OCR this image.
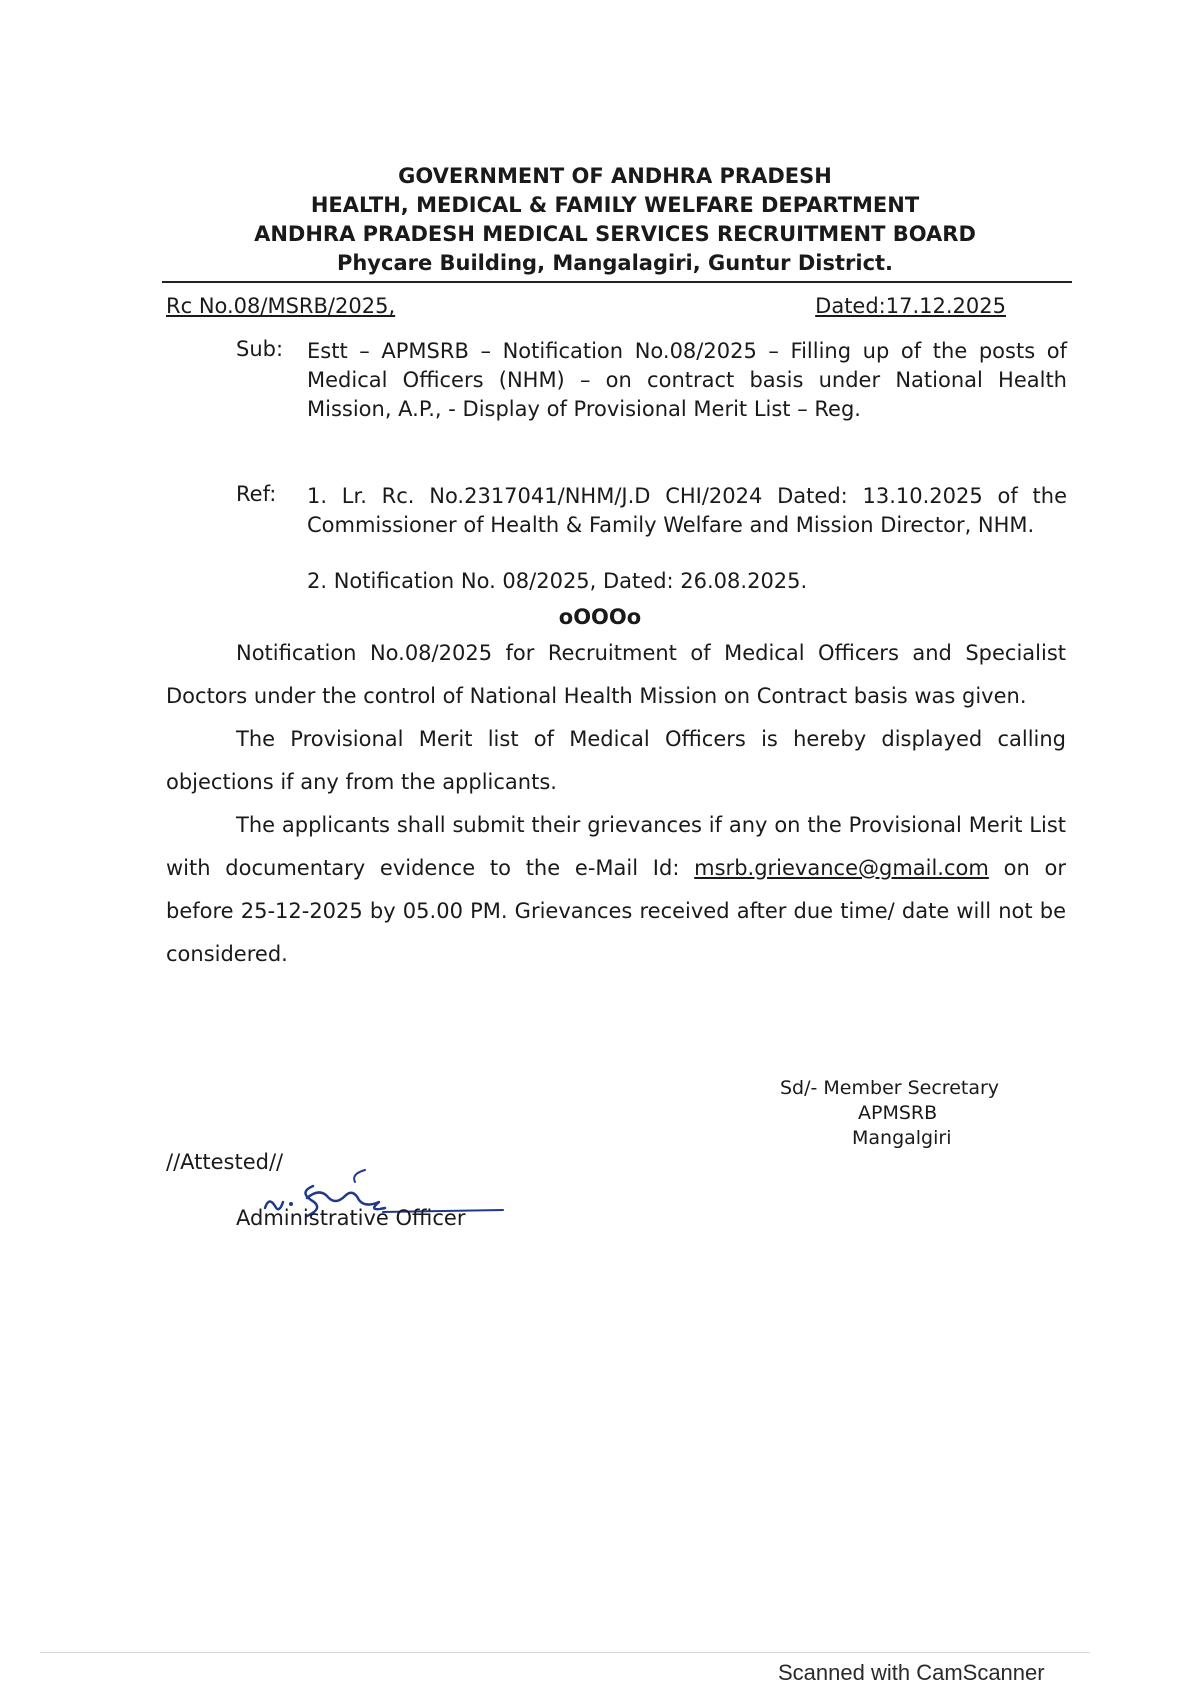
GOVERNMENT OF ANDHRA PRADESH
HEALTH, MEDICAL & FAMILY WELFARE DEPARTMENT
ANDHRA PRADESH MEDICAL SERVICES RECRUITMENT BOARD
Phycare Building, Mangalagiri, Guntur District.
Rc No.08/MSRB/2025,	Dated:17.12.2025
Sub: Estt – APMSRB – Notification No.08/2025 – Filling up of the posts of Medical Officers (NHM) – on contract basis under National Health Mission, A.P., - Display of Provisional Merit List – Reg.
Ref: 1. Lr. Rc. No.2317041/NHM/J.D CHI/2024 Dated: 13.10.2025 of the Commissioner of Health & Family Welfare and Mission Director, NHM.
2. Notification No. 08/2025, Dated: 26.08.2025.
oOOOo

Notification No.08/2025 for Recruitment of Medical Officers and Specialist Doctors under the control of National Health Mission on Contract basis was given.

The Provisional Merit list of Medical Officers is hereby displayed calling objections if any from the applicants.

The applicants shall submit their grievances if any on the Provisional Merit List with documentary evidence to the e-Mail Id: msrb.grievance@gmail.com on or before 25-12-2025 by 05.00 PM. Grievances received after due time/ date will not be considered.

Sd/- Member Secretary
APMSRB
Mangalgiri
//Attested//
Administrative Officer
Scanned with CamScanner
